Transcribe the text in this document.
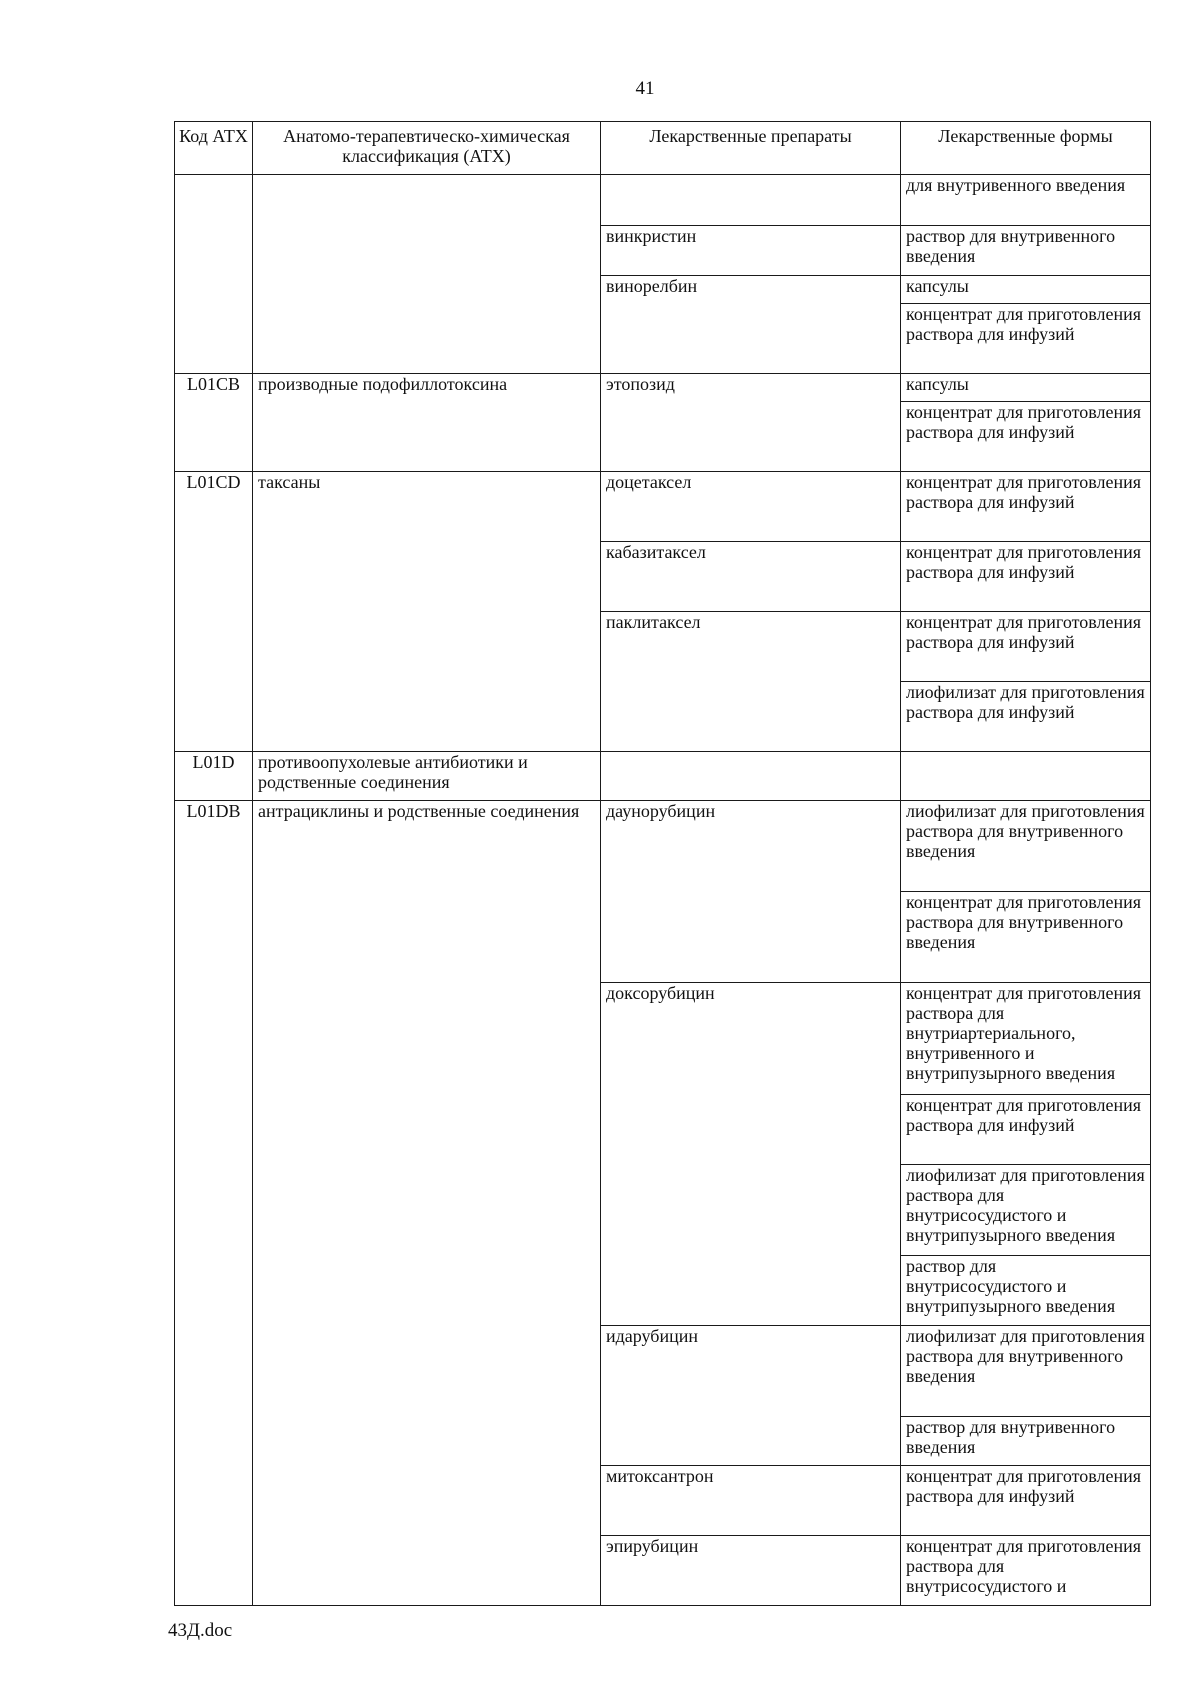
41
Код АТХ	Анатомо-терапевтическо-химическая классификация (АТХ)	Лекарственные препараты	Лекарственные формы
			для внутривенного введения
		винкристин	раствор для внутривенного введения
		винорелбин	капсулы
			концентрат для приготовления раствора для инфузий
L01CB	производные подофиллотоксина	этопозид	капсулы
			концентрат для приготовления раствора для инфузий
L01CD	таксаны	доцетаксел	концентрат для приготовления раствора для инфузий
		кабазитаксел	концентрат для приготовления раствора для инфузий
		паклитаксел	концентрат для приготовления раствора для инфузий
			лиофилизат для приготовления раствора для инфузий
L01D	противоопухолевые антибиотики и родственные соединения		
L01DB	антрациклины и родственные соединения	даунорубицин	лиофилизат для приготовления раствора для внутривенного введения
			концентрат для приготовления раствора для внутривенного введения
		доксорубицин	концентрат для приготовления раствора для внутриартериального, внутривенного и внутрипузырного введения
			концентрат для приготовления раствора для инфузий
			лиофилизат для приготовления раствора для внутрисосудистого и внутрипузырного введения
			раствор для внутрисосудистого и внутрипузырного введения
		идарубицин	лиофилизат для приготовления раствора для внутривенного введения
			раствор для внутривенного введения
		митоксантрон	концентрат для приготовления раствора для инфузий
		эпирубицин	концентрат для приготовления раствора для внутрисосудистого и
43Д.doc
